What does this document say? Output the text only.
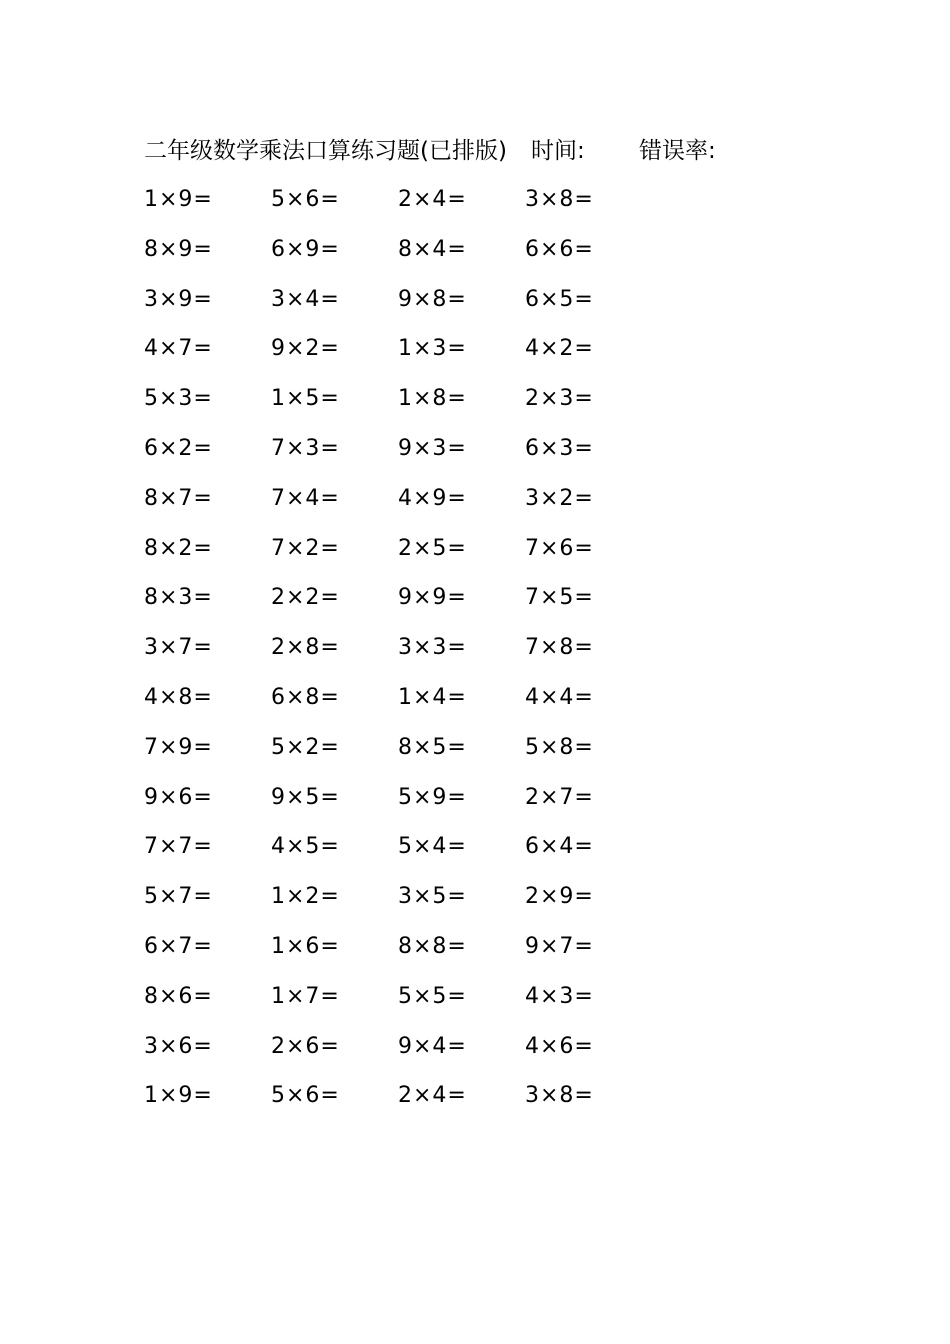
二年级数学乘法口算练习题(已排版) 时间: 错误率:
1×9=	5×6=	2×4=	3×8=
8×9=	6×9=	8×4=	6×6=
3×9=	3×4=	9×8=	6×5=
4×7=	9×2=	1×3=	4×2=
5×3=	1×5=	1×8=	2×3=
6×2=	7×3=	9×3=	6×3=
8×7=	7×4=	4×9=	3×2=
8×2=	7×2=	2×5=	7×6=
8×3=	2×2=	9×9=	7×5=
3×7=	2×8=	3×3=	7×8=
4×8=	6×8=	1×4=	4×4=
7×9=	5×2=	8×5=	5×8=
9×6=	9×5=	5×9=	2×7=
7×7=	4×5=	5×4=	6×4=
5×7=	1×2=	3×5=	2×9=
6×7=	1×6=	8×8=	9×7=
8×6=	1×7=	5×5=	4×3=
3×6=	2×6=	9×4=	4×6=
1×9=	5×6=	2×4=	3×8=
